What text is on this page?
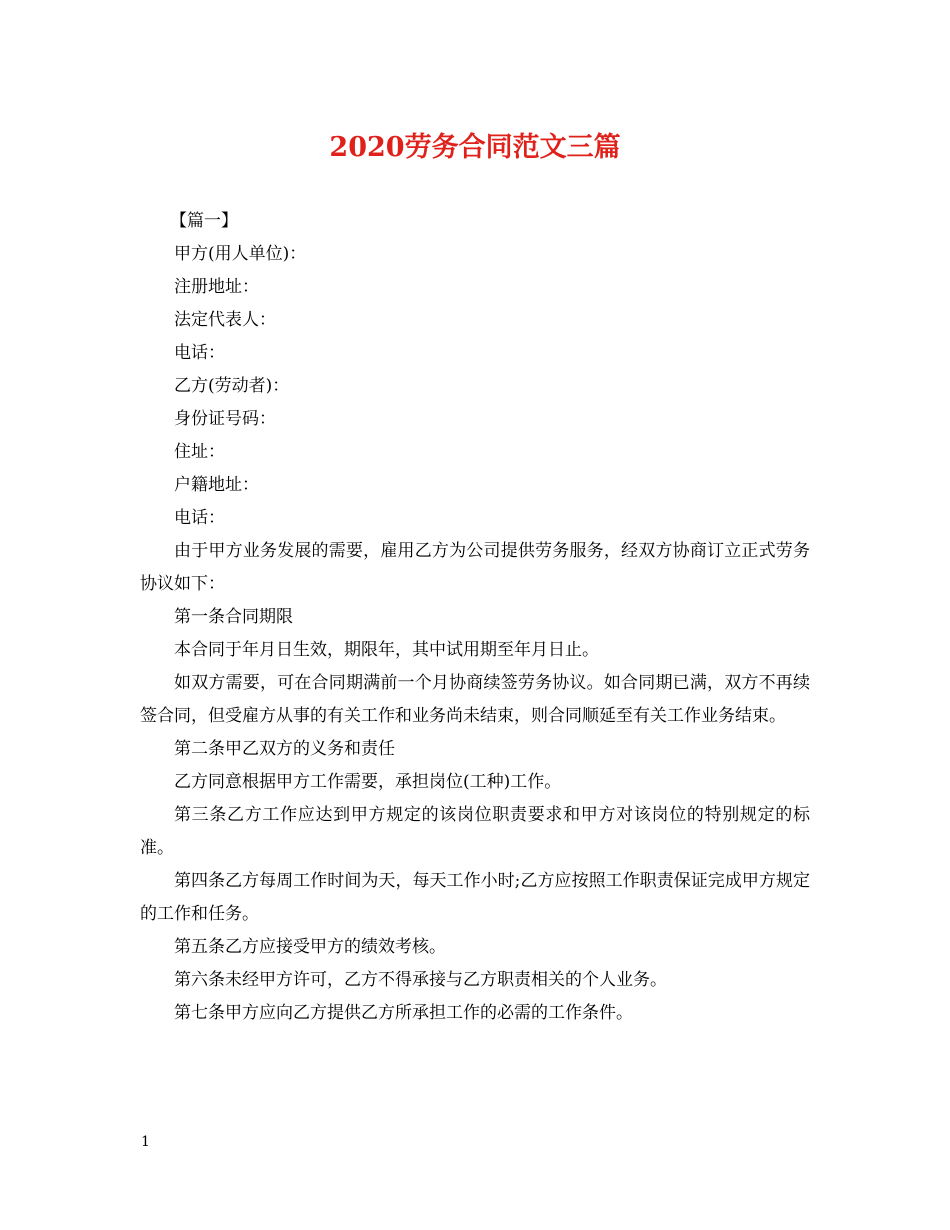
2020劳务合同范文三篇

【篇一】

甲方(用人单位)：

注册地址：

法定代表人：

电话：

乙方(劳动者)：

身份证号码：

住址：

户籍地址：

电话：

由于甲方业务发展的需要，雇用乙方为公司提供劳务服务，经双方协商订立正式劳务协议如下：

第一条合同期限

本合同于年月日生效，期限年，其中试用期至年月日止。

如双方需要，可在合同期满前一个月协商续签劳务协议。如合同期已满，双方不再续签合同，但受雇方从事的有关工作和业务尚未结束，则合同顺延至有关工作业务结束。

第二条甲乙双方的义务和责任

乙方同意根据甲方工作需要，承担岗位(工种)工作。

第三条乙方工作应达到甲方规定的该岗位职责要求和甲方对该岗位的特别规定的标准。

第四条乙方每周工作时间为天，每天工作小时;乙方应按照工作职责保证完成甲方规定的工作和任务。

第五条乙方应接受甲方的绩效考核。

第六条未经甲方许可，乙方不得承接与乙方职责相关的个人业务。

第七条甲方应向乙方提供乙方所承担工作的必需的工作条件。

1
